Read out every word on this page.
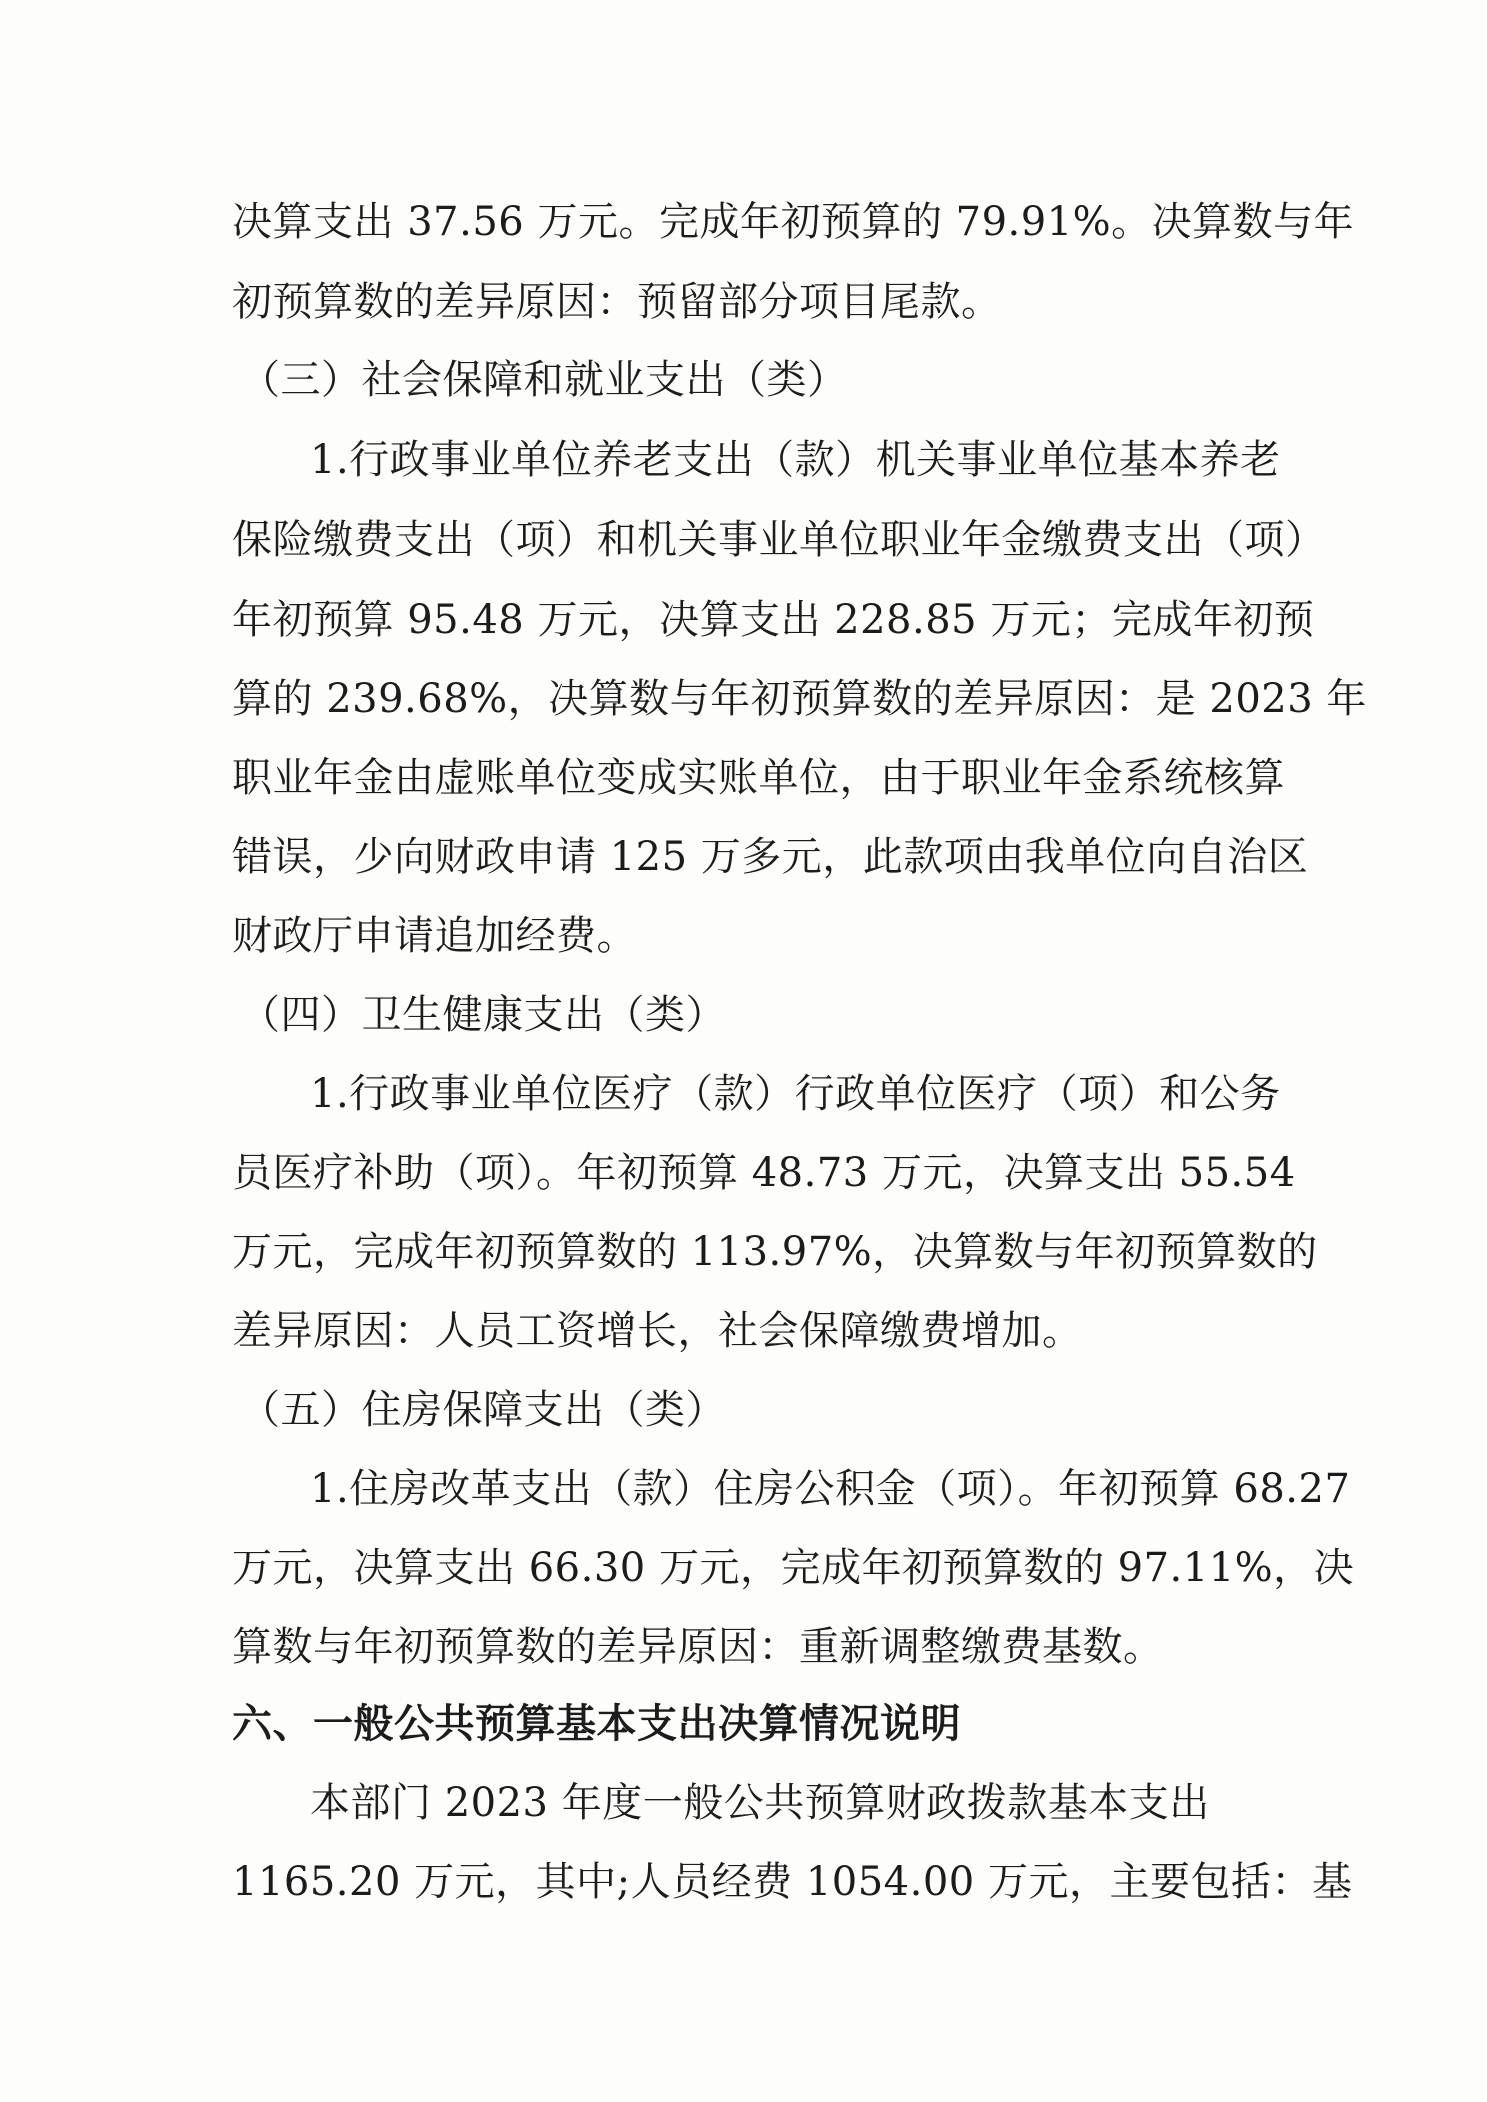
决算支出 37.56 万元。完成年初预算的 79.91%。决算数与年
初预算数的差异原因：预留部分项目尾款。
（三）社会保障和就业支出（类）
1.行政事业单位养老支出（款）机关事业单位基本养老
保险缴费支出（项）和机关事业单位职业年金缴费支出（项）
年初预算 95.48 万元，决算支出 228.85 万元；完成年初预
算的 239.68%，决算数与年初预算数的差异原因：是 2023 年
职业年金由虚账单位变成实账单位，由于职业年金系统核算
错误，少向财政申请 125 万多元，此款项由我单位向自治区
财政厅申请追加经费。
（四）卫生健康支出（类）
1.行政事业单位医疗（款）行政单位医疗（项）和公务
员医疗补助（项）。年初预算 48.73 万元，决算支出 55.54
万元，完成年初预算数的 113.97%，决算数与年初预算数的
差异原因：人员工资增长，社会保障缴费增加。
（五）住房保障支出（类）
1.住房改革支出（款）住房公积金（项）。年初预算 68.27
万元，决算支出 66.30 万元，完成年初预算数的 97.11%，决
算数与年初预算数的差异原因：重新调整缴费基数。
六、一般公共预算基本支出决算情况说明
本部门 2023 年度一般公共预算财政拨款基本支出
1165.20 万元，其中;人员经费 1054.00 万元，主要包括：基
